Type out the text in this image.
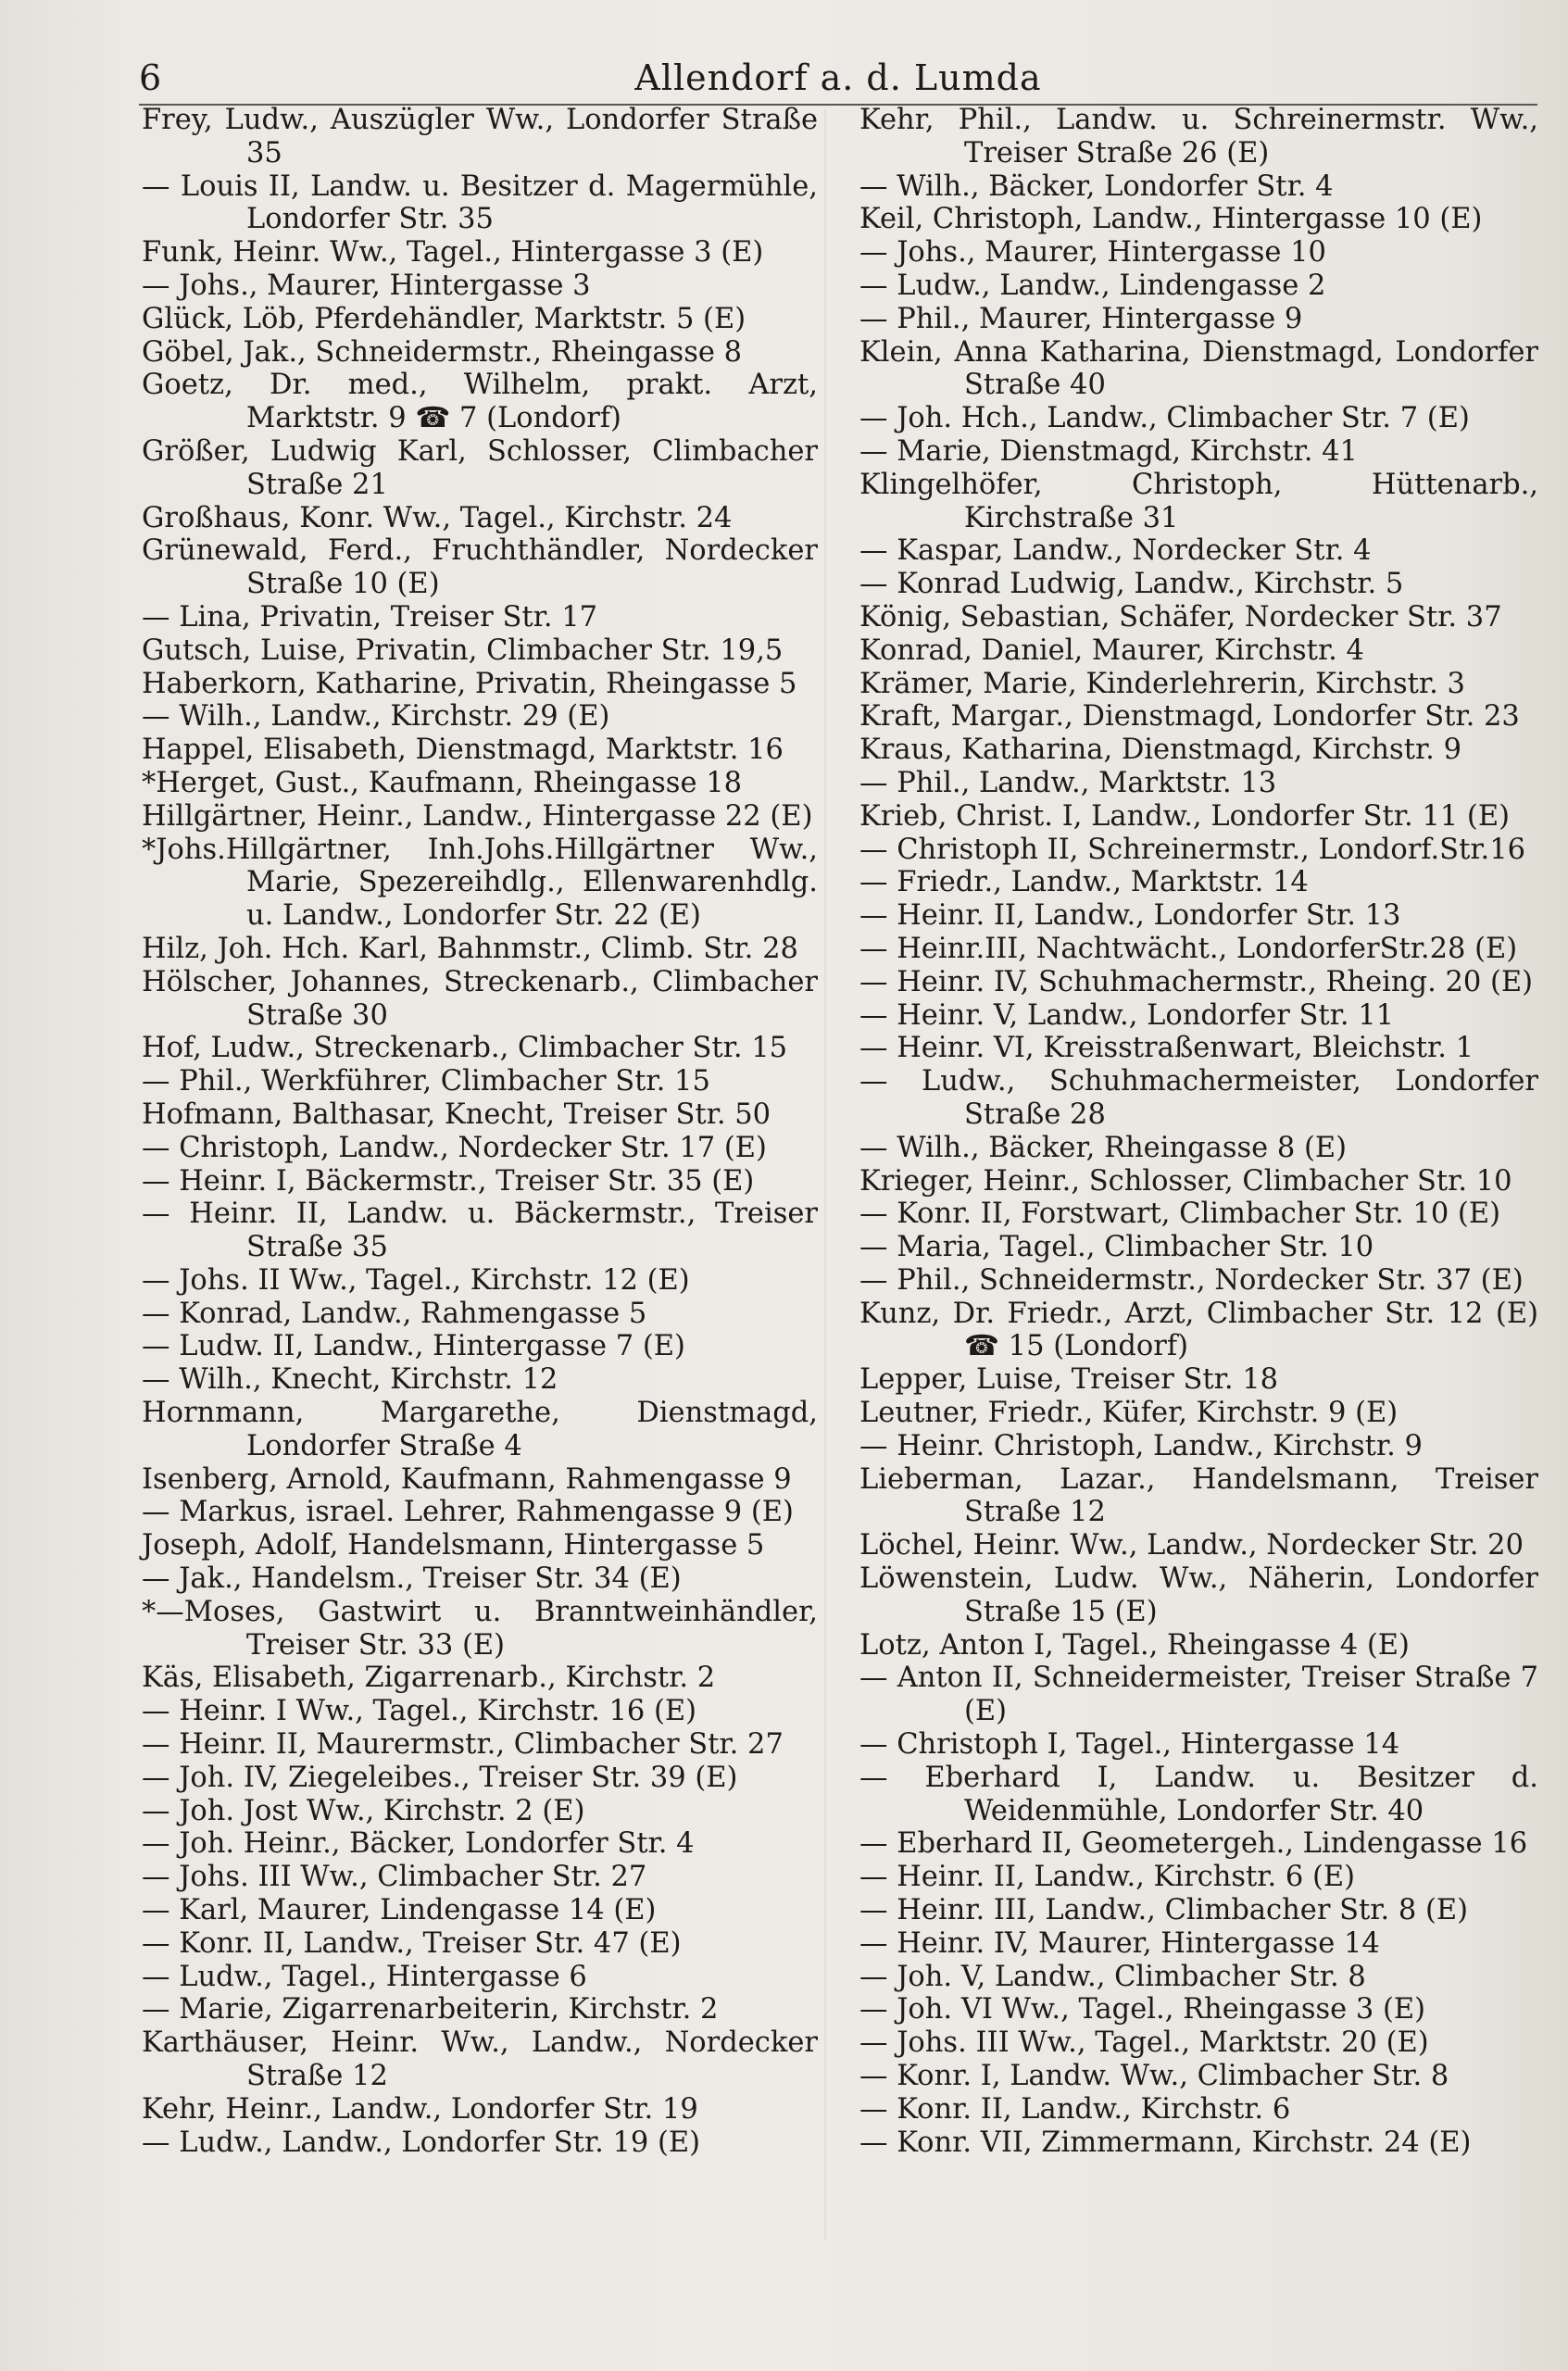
6	Allendorf a. d. Lumda
Frey, Ludw., Auszügler Ww., Londorfer Straße 35
— Louis II, Landw. u. Besitzer d. Magermühle, Londorfer Str. 35
Funk, Heinr. Ww., Tagel., Hintergasse 3 (E)
— Johs., Maurer, Hintergasse 3
Glück, Löb, Pferdehändler, Marktstr. 5 (E)
Göbel, Jak., Schneidermstr., Rheingasse 8
Goetz, Dr. med., Wilhelm, prakt. Arzt, Marktstr. 9 ☎ 7 (Londorf)
Größer, Ludwig Karl, Schlosser, Climbacher Straße 21
Großhaus, Konr. Ww., Tagel., Kirchstr. 24
Grünewald, Ferd., Fruchthändler, Nordecker Straße 10 (E)
— Lina, Privatin, Treiser Str. 17
Gutsch, Luise, Privatin, Climbacher Str. 19,5
Haberkorn, Katharine, Privatin, Rheingasse 5
— Wilh., Landw., Kirchstr. 29 (E)
Happel, Elisabeth, Dienstmagd, Marktstr. 16
*Herget, Gust., Kaufmann, Rheingasse 18
Hillgärtner, Heinr., Landw., Hintergasse 22 (E)
*Johs.Hillgärtner, Inh.Johs.Hillgärtner Ww., Marie, Spezereihdlg., Ellenwarenhdlg. u. Landw., Londorfer Str. 22 (E)
Hilz, Joh. Hch. Karl, Bahnmstr., Climb. Str. 28
Hölscher, Johannes, Streckenarb., Climbacher Straße 30
Hof, Ludw., Streckenarb., Climbacher Str. 15
— Phil., Werkführer, Climbacher Str. 15
Hofmann, Balthasar, Knecht, Treiser Str. 50
— Christoph, Landw., Nordecker Str. 17 (E)
— Heinr. I, Bäckermstr., Treiser Str. 35 (E)
— Heinr. II, Landw. u. Bäckermstr., Treiser Straße 35
— Johs. II Ww., Tagel., Kirchstr. 12 (E)
— Konrad, Landw., Rahmengasse 5
— Ludw. II, Landw., Hintergasse 7 (E)
— Wilh., Knecht, Kirchstr. 12
Hornmann, Margarethe, Dienstmagd, Londorfer Straße 4
Isenberg, Arnold, Kaufmann, Rahmengasse 9
— Markus, israel. Lehrer, Rahmengasse 9 (E)
Joseph, Adolf, Handelsmann, Hintergasse 5
— Jak., Handelsm., Treiser Str. 34 (E)
*—Moses, Gastwirt u. Branntweinhändler, Treiser Str. 33 (E)
Käs, Elisabeth, Zigarrenarb., Kirchstr. 2
— Heinr. I Ww., Tagel., Kirchstr. 16 (E)
— Heinr. II, Maurermstr., Climbacher Str. 27
— Joh. IV, Ziegeleibes., Treiser Str. 39 (E)
— Joh. Jost Ww., Kirchstr. 2 (E)
— Joh. Heinr., Bäcker, Londorfer Str. 4
— Johs. III Ww., Climbacher Str. 27
— Karl, Maurer, Lindengasse 14 (E)
— Konr. II, Landw., Treiser Str. 47 (E)
— Ludw., Tagel., Hintergasse 6
— Marie, Zigarrenarbeiterin, Kirchstr. 2
Karthäuser, Heinr. Ww., Landw., Nordecker Straße 12
Kehr, Heinr., Landw., Londorfer Str. 19
— Ludw., Landw., Londorfer Str. 19 (E)
Kehr, Phil., Landw. u. Schreinermstr. Ww., Treiser Straße 26 (E)
— Wilh., Bäcker, Londorfer Str. 4
Keil, Christoph, Landw., Hintergasse 10 (E)
— Johs., Maurer, Hintergasse 10
— Ludw., Landw., Lindengasse 2
— Phil., Maurer, Hintergasse 9
Klein, Anna Katharina, Dienstmagd, Londorfer Straße 40
— Joh. Hch., Landw., Climbacher Str. 7 (E)
— Marie, Dienstmagd, Kirchstr. 41
Klingelhöfer, Christoph, Hüttenarb., Kirchstraße 31
— Kaspar, Landw., Nordecker Str. 4
— Konrad Ludwig, Landw., Kirchstr. 5
König, Sebastian, Schäfer, Nordecker Str. 37
Konrad, Daniel, Maurer, Kirchstr. 4
Krämer, Marie, Kinderlehrerin, Kirchstr. 3
Kraft, Margar., Dienstmagd, Londorfer Str. 23
Kraus, Katharina, Dienstmagd, Kirchstr. 9
— Phil., Landw., Marktstr. 13
Krieb, Christ. I, Landw., Londorfer Str. 11 (E)
— Christoph II, Schreinermstr., Londorf.Str.16
— Friedr., Landw., Marktstr. 14
— Heinr. II, Landw., Londorfer Str. 13
— Heinr.III, Nachtwächt., LondorferStr.28 (E)
— Heinr. IV, Schuhmachermstr., Rheing. 20 (E)
— Heinr. V, Landw., Londorfer Str. 11
— Heinr. VI, Kreisstraßenwart, Bleichstr. 1
— Ludw., Schuhmachermeister, Londorfer Straße 28
— Wilh., Bäcker, Rheingasse 8 (E)
Krieger, Heinr., Schlosser, Climbacher Str. 10
— Konr. II, Forstwart, Climbacher Str. 10 (E)
— Maria, Tagel., Climbacher Str. 10
— Phil., Schneidermstr., Nordecker Str. 37 (E)
Kunz, Dr. Friedr., Arzt, Climbacher Str. 12 (E) ☎ 15 (Londorf)
Lepper, Luise, Treiser Str. 18
Leutner, Friedr., Küfer, Kirchstr. 9 (E)
— Heinr. Christoph, Landw., Kirchstr. 9
Lieberman, Lazar., Handelsmann, Treiser Straße 12
Löchel, Heinr. Ww., Landw., Nordecker Str. 20
Löwenstein, Ludw. Ww., Näherin, Londorfer Straße 15 (E)
Lotz, Anton I, Tagel., Rheingasse 4 (E)
— Anton II, Schneidermeister, Treiser Straße 7 (E)
— Christoph I, Tagel., Hintergasse 14
— Eberhard I, Landw. u. Besitzer d. Weidenmühle, Londorfer Str. 40
— Eberhard II, Geometergeh., Lindengasse 16
— Heinr. II, Landw., Kirchstr. 6 (E)
— Heinr. III, Landw., Climbacher Str. 8 (E)
— Heinr. IV, Maurer, Hintergasse 14
— Joh. V, Landw., Climbacher Str. 8
— Joh. VI Ww., Tagel., Rheingasse 3 (E)
— Johs. III Ww., Tagel., Marktstr. 20 (E)
— Konr. I, Landw. Ww., Climbacher Str. 8
— Konr. II, Landw., Kirchstr. 6
— Konr. VII, Zimmermann, Kirchstr. 24 (E)
